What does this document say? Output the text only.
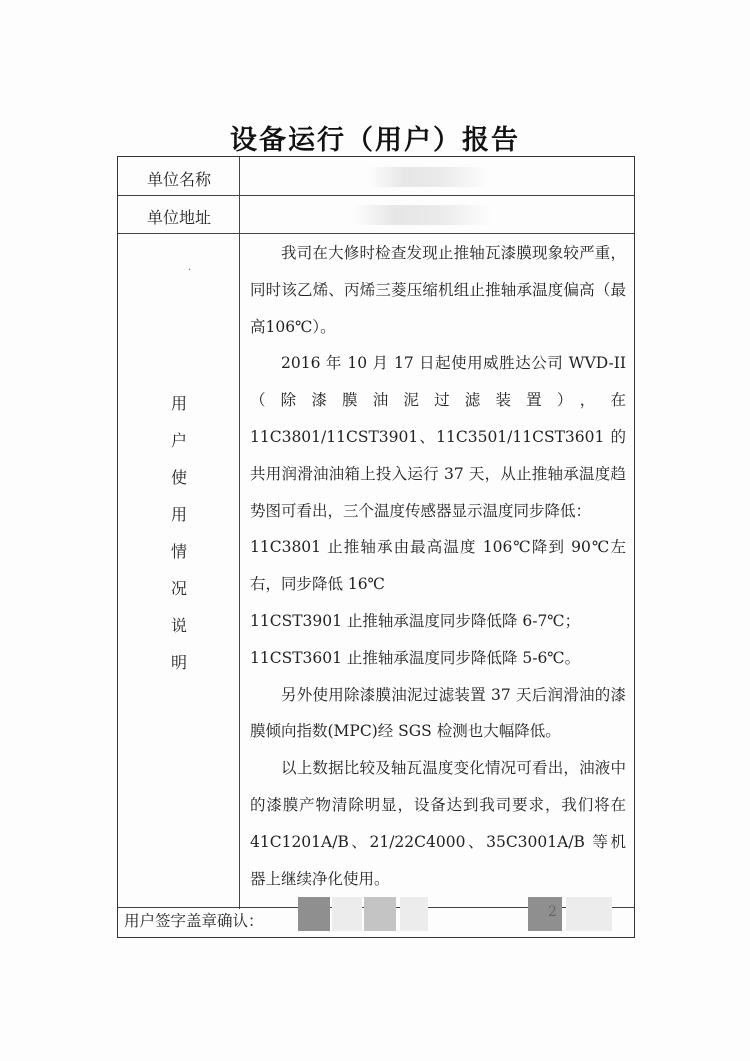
设备运行（用户）报告
单位名称
单位地址
·
用
户
使
用
情
况
说
明

我司在大修时检查发现止推轴瓦漆膜现象较严重，同时该乙烯、丙烯三菱压缩机组止推轴承温度偏高（最高106℃）。

2016 年 10 月 17 日起使用威胜达公司 WVD-II（除漆膜油泥过滤装置），在 11C3801/11CST3901、11C3501/11CST3601 的共用润滑油油箱上投入运行 37 天，从止推轴承温度趋势图可看出，三个温度传感器显示温度同步降低：

11C3801 止推轴承由最高温度 106℃降到 90℃左右，同步降低 16℃

11CST3901 止推轴承温度同步降低降 6-7℃；

11CST3601 止推轴承温度同步降低降 5-6℃。

另外使用除漆膜油泥过滤装置 37 天后润滑油的漆膜倾向指数(MPC)经 SGS 检测也大幅降低。

以上数据比较及轴瓦温度变化情况可看出，油液中的漆膜产物清除明显，设备达到我司要求，我们将在 41C1201A/B、21/22C4000、35C3001A/B 等机器上继续净化使用。

用户签字盖章确认：	2
